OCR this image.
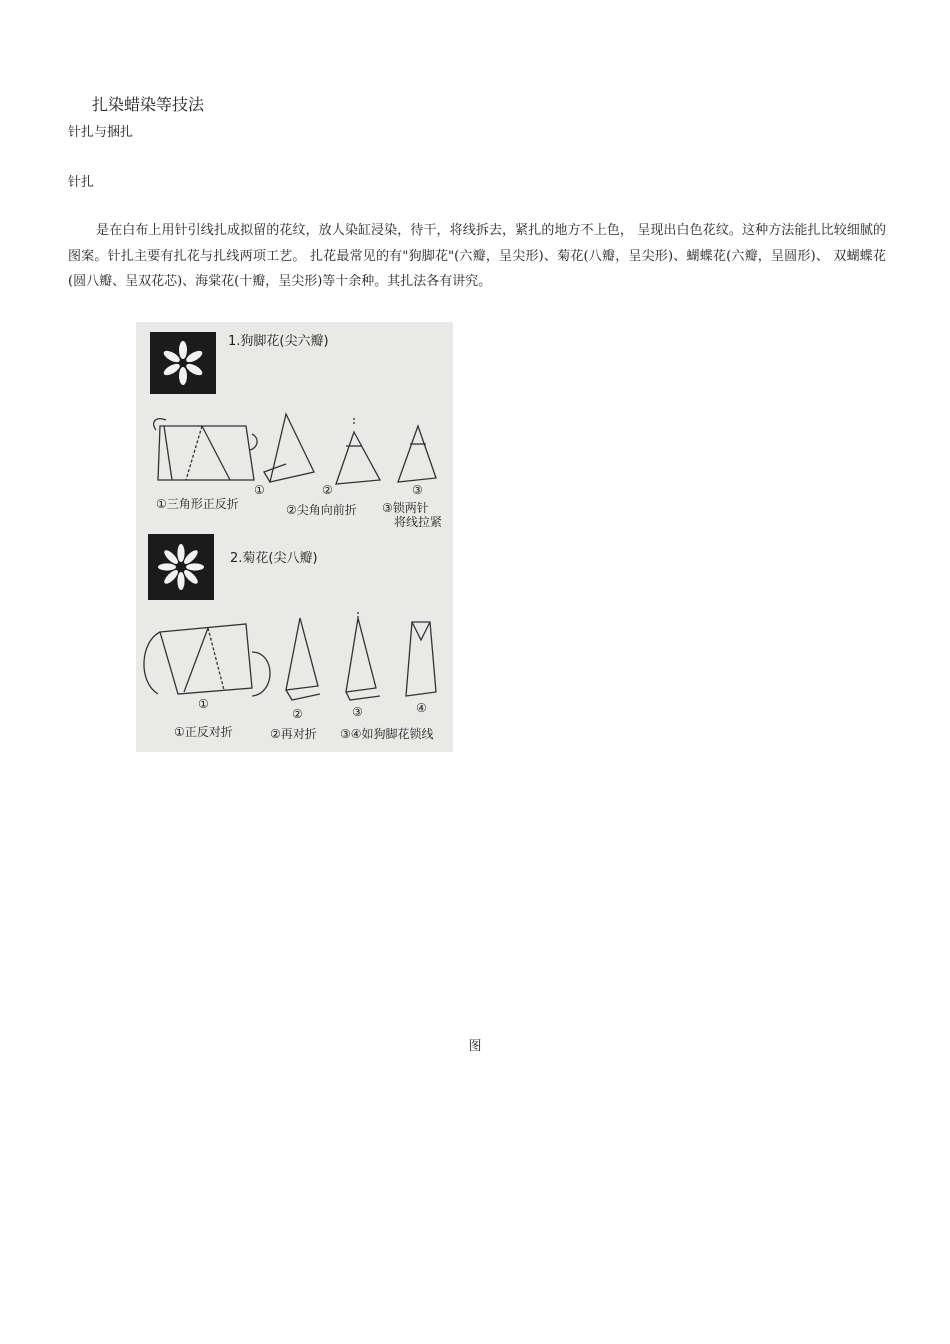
扎染蜡染等技法
针扎与捆扎
针扎
是在白布上用针引线扎成拟留的花纹，放人染缸浸染，待干，将线拆去，紧扎的地方不上色， 呈现出白色花纹。这种方法能扎比较细腻的图案。针扎主要有扎花与扎线两项工艺。 扎花最常见的有"狗脚花"(六瓣，呈尖形)、菊花(八瓣，呈尖形)、蝴蝶花(六瓣，呈圆形)、 双蝴蝶花(圆八瓣、呈双花芯)、海棠花(十瓣，呈尖形)等十余种。其扎法各有讲究。
1.狗脚花(尖六瓣)
①	②	③
①三角形正反折	②尖角向前折 ③锁两针
将线拉紧
2.菊花(尖八瓣)
①
②	③	④
①正反对折	②再对折 ③④如狗脚花锁线
图
